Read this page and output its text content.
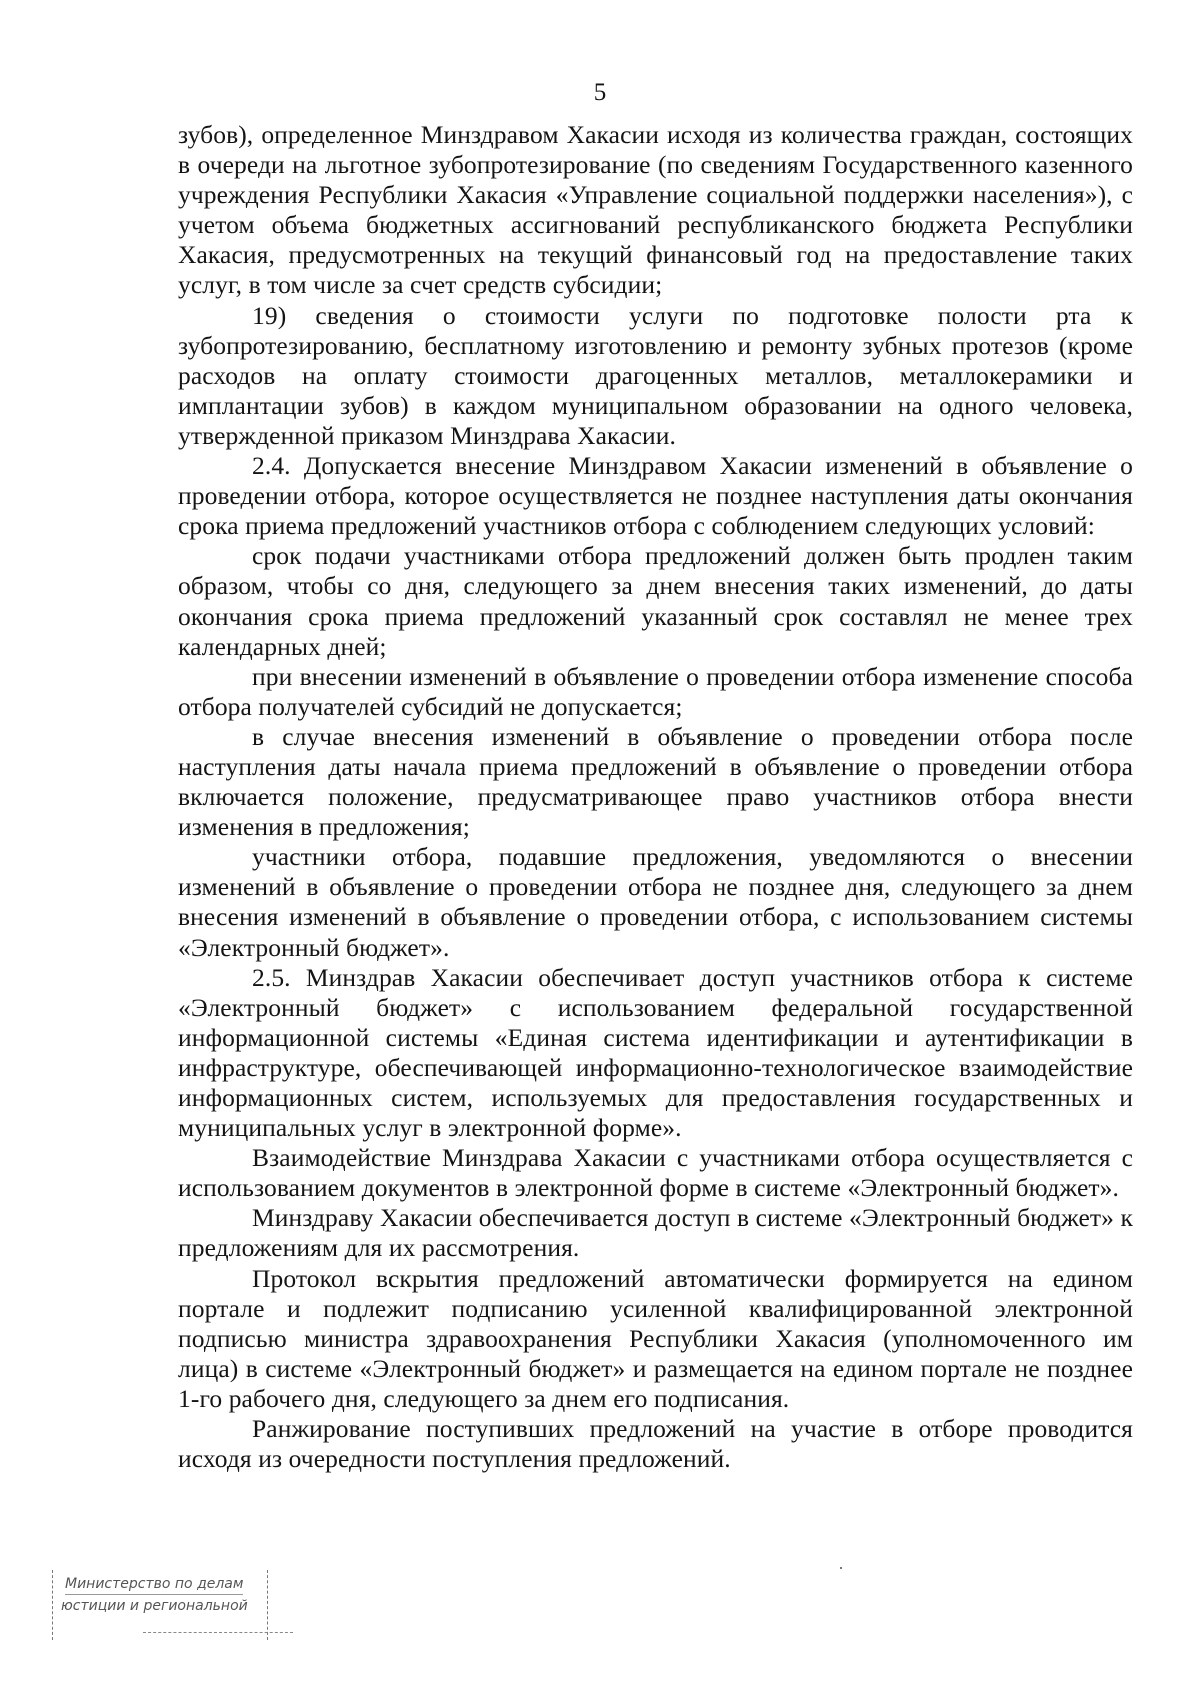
5

зубов), определенное Минздравом Хакасии исходя из количества граждан, состоящих в очереди на льготное зубопротезирование (по сведениям Государственного казенного учреждения Республики Хакасия «Управление социальной поддержки населения»), с учетом объема бюджетных ассигнований республиканского бюджета Республики Хакасия, предусмотренных на текущий финансовый год на предоставление таких услуг, в том числе за счет средств субсидии;

19) сведения о стоимости услуги по подготовке полости рта к зубопротезированию, бесплатному изготовлению и ремонту зубных протезов (кроме расходов на оплату стоимости драгоценных металлов, металлокерамики и имплантации зубов) в каждом муниципальном образовании на одного человека, утвержденной приказом Минздрава Хакасии.

2.4. Допускается внесение Минздравом Хакасии изменений в объявление о проведении отбора, которое осуществляется не позднее наступления даты окончания срока приема предложений участников отбора с соблюдением следующих условий:

срок подачи участниками отбора предложений должен быть продлен таким образом, чтобы со дня, следующего за днем внесения таких изменений, до даты окончания срока приема предложений указанный срок составлял не менее трех календарных дней;

при внесении изменений в объявление о проведении отбора изменение способа отбора получателей субсидий не допускается;

в случае внесения изменений в объявление о проведении отбора после наступления даты начала приема предложений в объявление о проведении отбора включается положение, предусматривающее право участников отбора внести изменения в предложения;

участники отбора, подавшие предложения, уведомляются о внесении изменений в объявление о проведении отбора не позднее дня, следующего за днем внесения изменений в объявление о проведении отбора, с использованием системы «Электронный бюджет».

2.5. Минздрав Хакасии обеспечивает доступ участников отбора к системе «Электронный бюджет» с использованием федеральной государственной информационной системы «Единая система идентификации и аутентификации в инфраструктуре, обеспечивающей информационно-технологическое взаимодействие информационных систем, используемых для предоставления государственных и муниципальных услуг в электронной форме».

Взаимодействие Минздрава Хакасии с участниками отбора осуществляется с использованием документов в электронной форме в системе «Электронный бюджет».

Минздраву Хакасии обеспечивается доступ в системе «Электронный бюджет» к предложениям для их рассмотрения.

Протокол вскрытия предложений автоматически формируется на едином портале и подлежит подписанию усиленной квалифицированной электронной подписью министра здравоохранения Республики Хакасия (уполномоченного им лица) в системе «Электронный бюджет» и размещается на едином портале не позднее 1-го рабочего дня, следующего за днем его подписания.

Ранжирование поступивших предложений на участие в отборе проводится исходя из очередности поступления предложений.

Министерство по делам
юстиции и региональной
